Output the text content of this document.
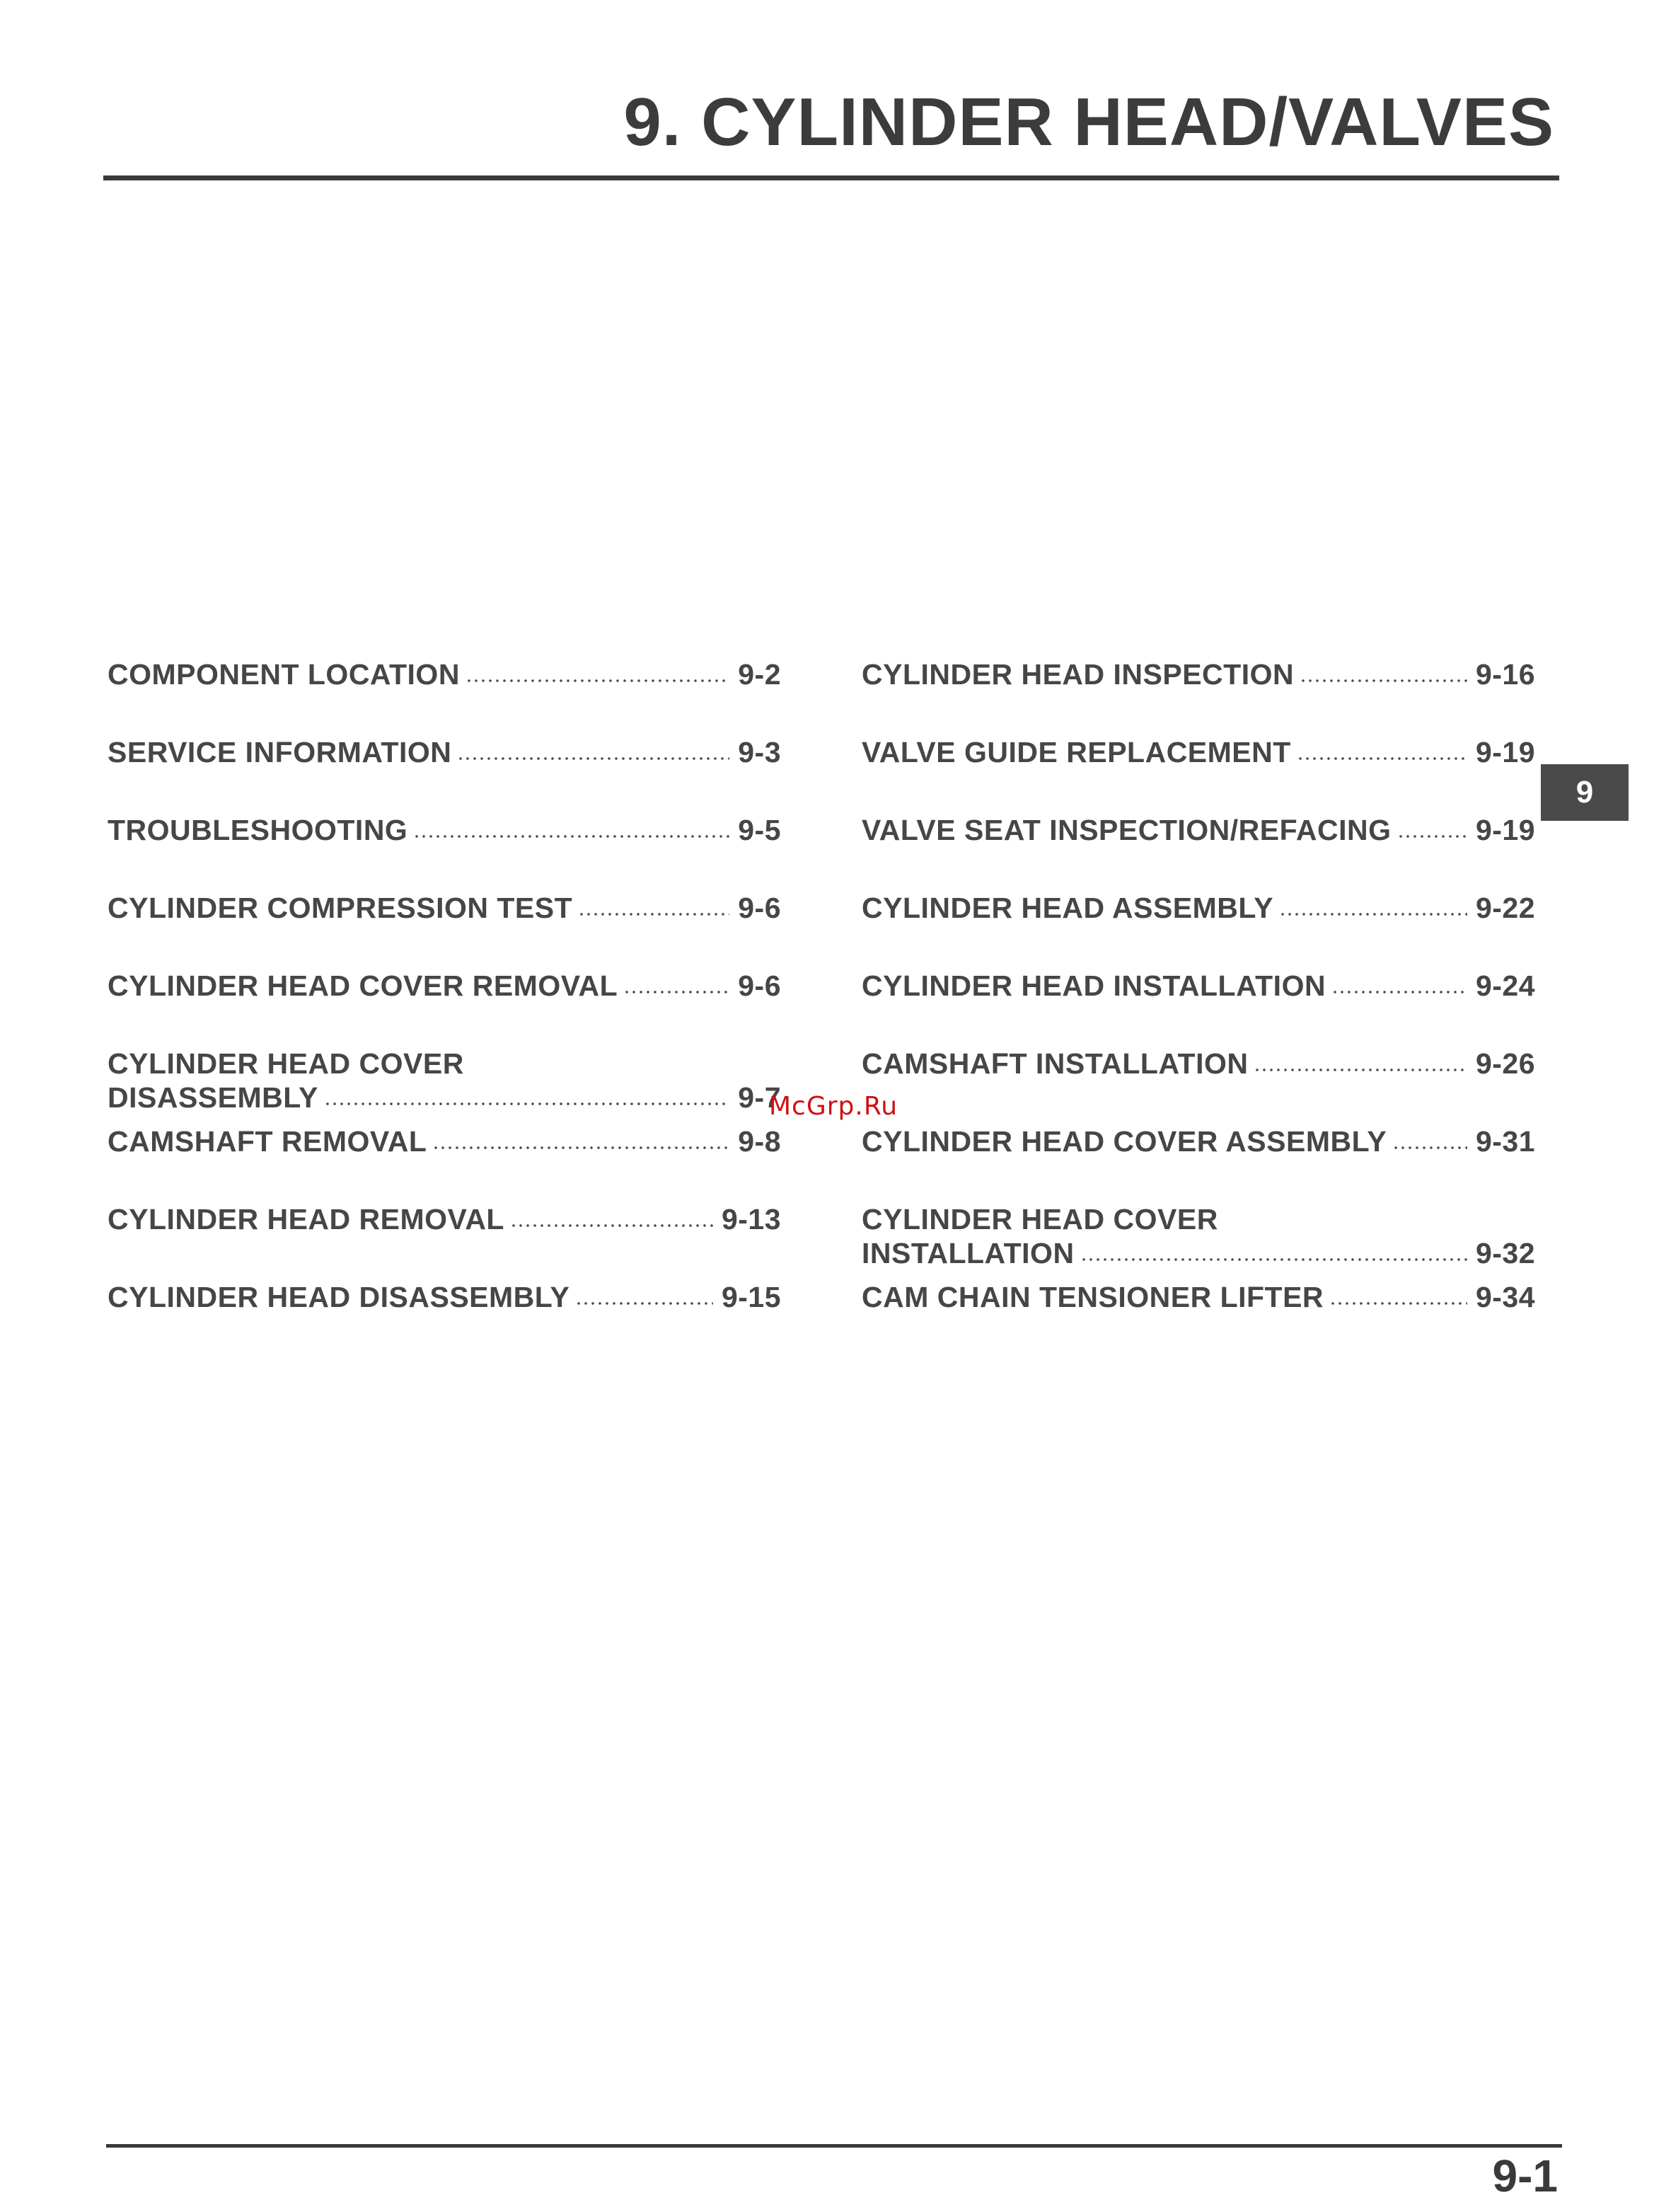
9. CYLINDER HEAD/VALVES
COMPONENT LOCATION	9-2
SERVICE INFORMATION	9-3
TROUBLESHOOTING	9-5
CYLINDER COMPRESSION TEST	9-6
CYLINDER HEAD COVER REMOVAL	9-6
CYLINDER HEAD COVER
DISASSEMBLY	9-7
CAMSHAFT REMOVAL	9-8
CYLINDER HEAD REMOVAL	9-13
CYLINDER HEAD DISASSEMBLY	9-15
CYLINDER HEAD INSPECTION	9-16
VALVE GUIDE REPLACEMENT	9-19
VALVE SEAT INSPECTION/REFACING	9-19
CYLINDER HEAD ASSEMBLY	9-22
CYLINDER HEAD INSTALLATION	9-24
CAMSHAFT INSTALLATION	9-26
CYLINDER HEAD COVER ASSEMBLY	9-31
CYLINDER HEAD COVER
INSTALLATION	9-32
CAM CHAIN TENSIONER LIFTER	9-34
9
McGrp.Ru
9-1
